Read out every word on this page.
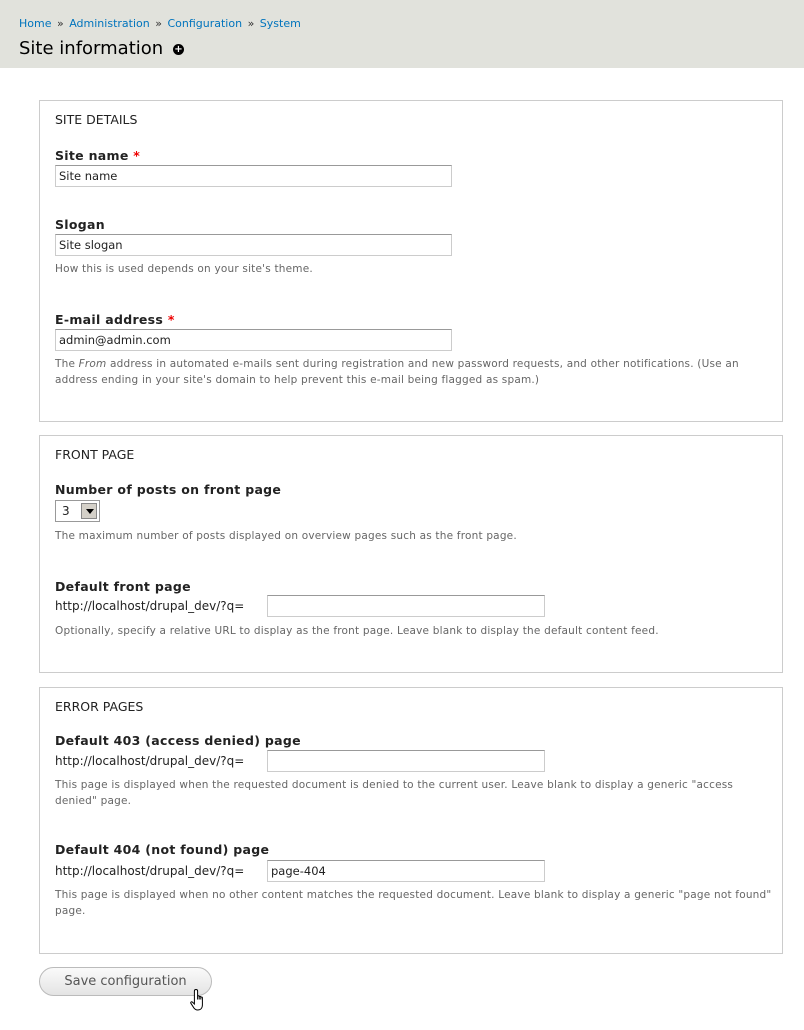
Home » Administration » Configuration » System
Site information +
SITE DETAILS
Site name *
Site name
Slogan
Site slogan
How this is used depends on your site's theme.
E-mail address *
admin@admin.com
The From address in automated e-mails sent during registration and new password requests, and other notifications. (Use an address ending in your site's domain to help prevent this e-mail being flagged as spam.)
FRONT PAGE
Number of posts on front page
3
The maximum number of posts displayed on overview pages such as the front page.
Default front page
http://localhost/drupal_dev/?q=
Optionally, specify a relative URL to display as the front page. Leave blank to display the default content feed.
ERROR PAGES
Default 403 (access denied) page
http://localhost/drupal_dev/?q=
This page is displayed when the requested document is denied to the current user. Leave blank to display a generic "access denied" page.
Default 404 (not found) page
http://localhost/drupal_dev/?q=
page-404
This page is displayed when no other content matches the requested document. Leave blank to display a generic "page not found" page.
Save configuration
